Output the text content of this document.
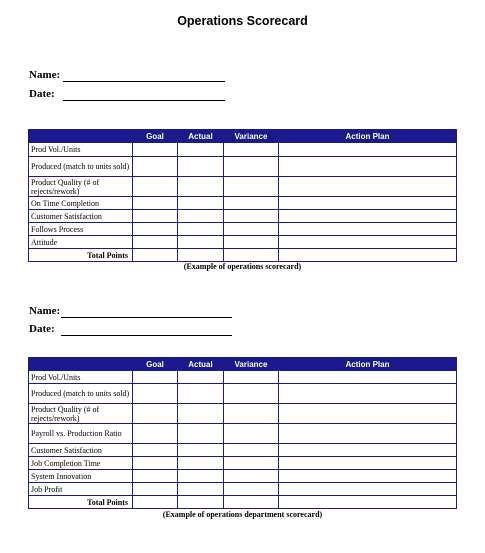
Operations Scorecard
Name:
Date:
	Goal	Actual	Variance	Action Plan
Prod Vol./Units				
Produced (match to units sold)				
Product Quality (# of rejects/rework)				
On Time Completion				
Customer Satisfaction				
Follows Process				
Attitude				
Total Points				
(Example of operations scorecard)
Name:
Date:
	Goal	Actual	Variance	Action Plan
Prod Vol./Units				
Produced (match to units sold)				
Product Quality (# of rejects/rework)				
Payroll vs. Production Ratio				
Customer Satisfaction				
Job Completion Time				
System Innovation				
Job Profit				
Total Points				
(Example of operations department scorecard)
